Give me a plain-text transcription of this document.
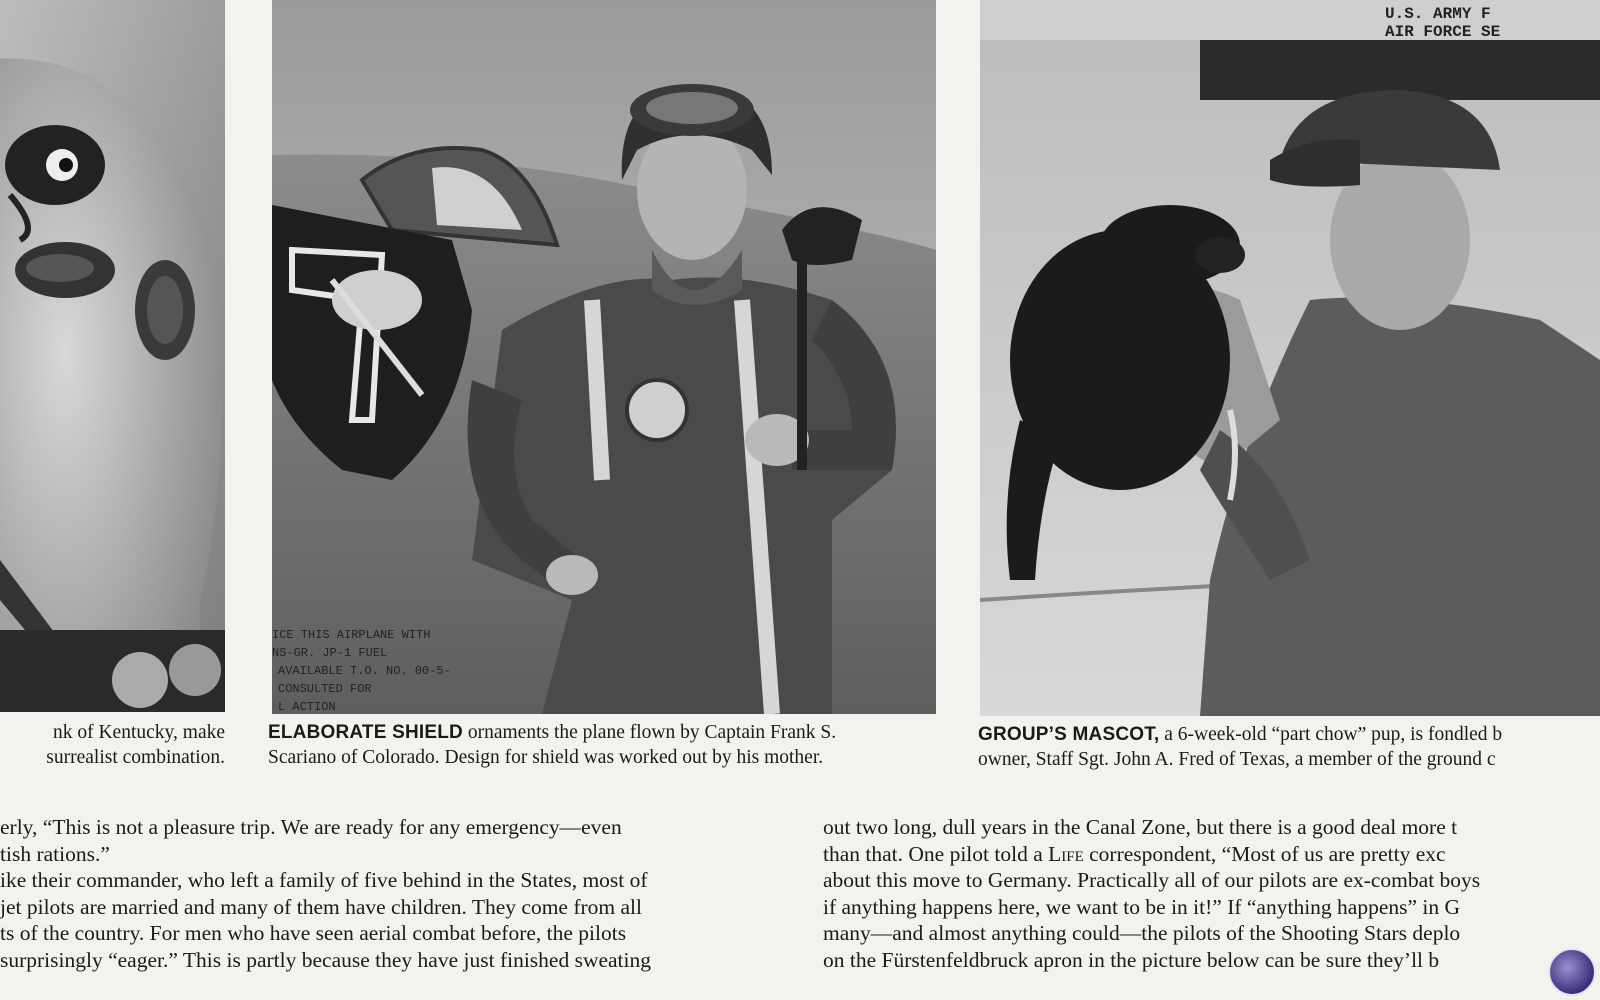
ICE THIS AIRPLANE WITH
NS-GR. JP-1 FUEL
AVAILABLE T.O. NO. 00-5-
CONSULTED FOR
L ACTION
U.S. ARMY F
AIR FORCE SE
nk of Kentucky, make
surrealist combination.
ELABORATE SHIELD ornaments the plane flown by Captain Frank S.
Scariano of Colorado. Design for shield was worked out by his mother.
GROUP’S MASCOT, a 6-week-old “part chow” pup, is fondled b
owner, Staff Sgt. John A. Fred of Texas, a member of the ground c

erly, “This is not a pleasure trip. We are ready for any emergency—even

tish rations.”

ike their commander, who left a family of five behind in the States, most of

jet pilots are married and many of them have children. They come from all

ts of the country. For men who have seen aerial combat before, the pilots

surprisingly “eager.” This is partly because they have just finished sweating

out two long, dull years in the Canal Zone, but there is a good deal more t

than that. One pilot told a Life correspondent, “Most of us are pretty exc

about this move to Germany. Practically all of our pilots are ex-combat boys

if anything happens here, we want to be in it!” If “anything happens” in G

many—and almost anything could—the pilots of the Shooting Stars deplo

on the Fürstenfeldbruck apron in the picture below can be sure they’ll b
